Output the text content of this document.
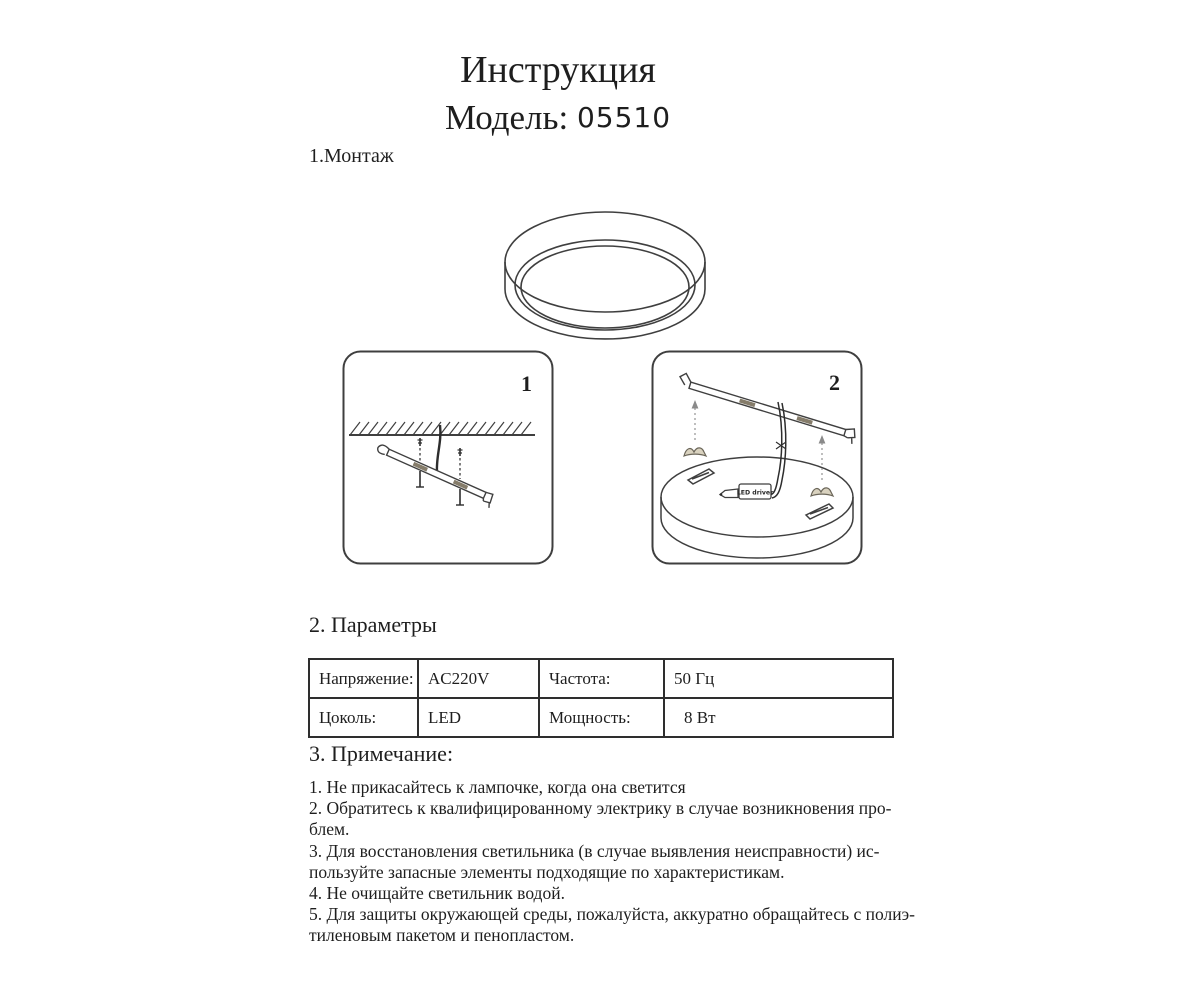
Инструкция
Модель: 05510
1.Монтаж
1	2
LED driver
2. Параметры
Напряжение:	AC220V	Частота:	50 Гц
Цоколь:	LED	Мощность:	8 Вт
3. Примечание:
1. Не прикасайтесь к лампочке, когда она светится
2. Обратитесь к квалифицированному электрику в случае возникновения про-
блем.
3. Для восстановления светильника (в случае выявления неисправности) ис-
пользуйте запасные элементы подходящие по характеристикам.
4. Не очищайте светильник водой.
5. Для защиты окружающей среды, пожалуйста, аккуратно обращайтесь с полиэ-
тиленовым пакетом и пенопластом.
